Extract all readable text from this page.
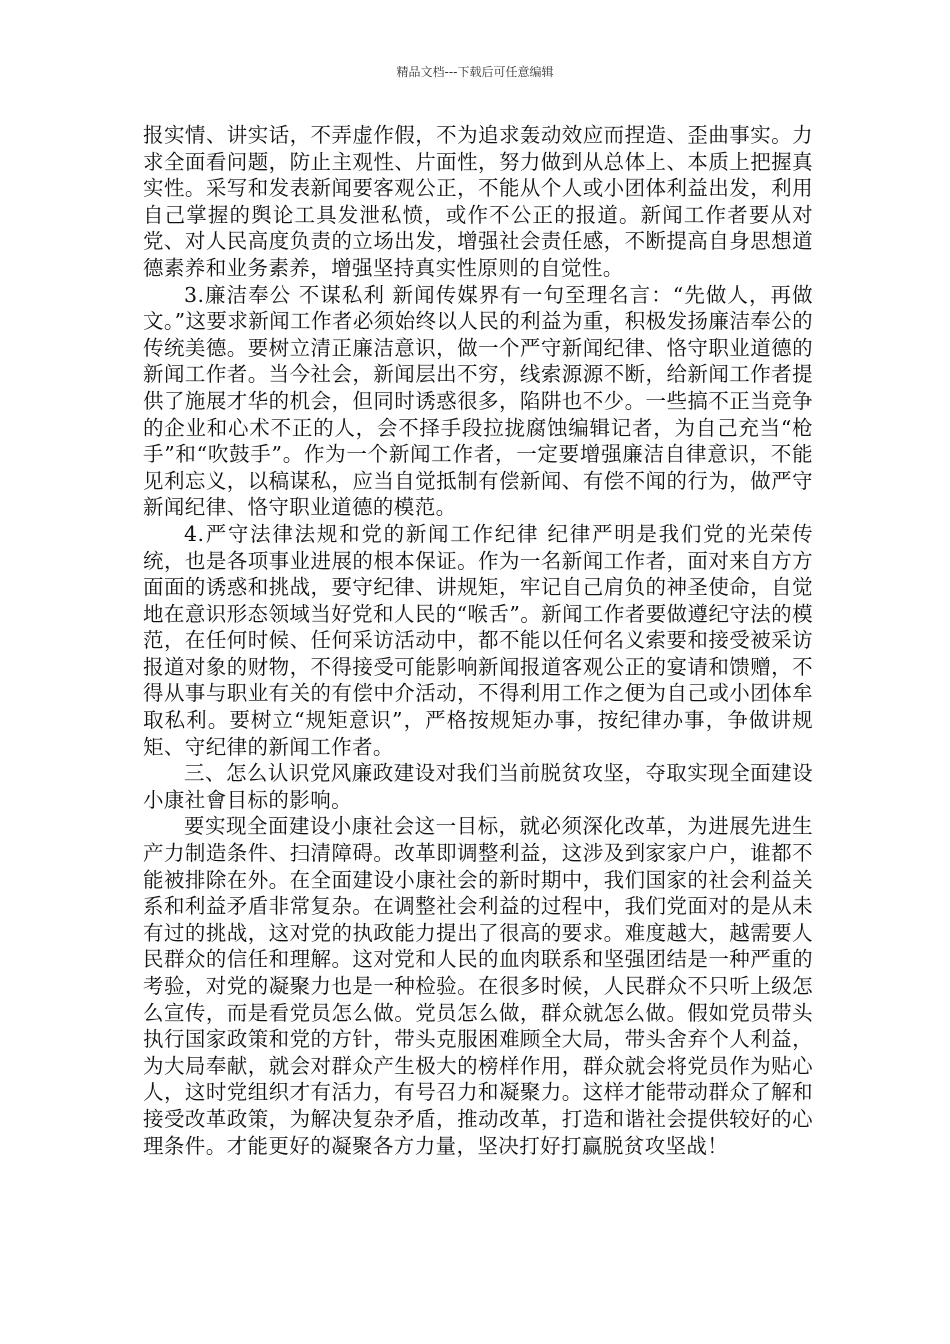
精品文档---下载后可任意编辑

报实情、讲实话，不弄虚作假，不为追求轰动效应而捏造、歪曲事实。力求全面看问题，防止主观性、片面性，努力做到从总体上、本质上把握真实性。采写和发表新闻要客观公正，不能从个人或小团体利益出发，利用自己掌握的舆论工具发泄私愤，或作不公正的报道。新闻工作者要从对党、对人民高度负责的立场出发，增强社会责任感，不断提高自身思想道德素养和业务素养，增强坚持真实性原则的自觉性。

3.廉洁奉公 不谋私利 新闻传媒界有一句至理名言：“先做人，再做文。”这要求新闻工作者必须始终以人民的利益为重，积极发扬廉洁奉公的传统美德。要树立清正廉洁意识，做一个严守新闻纪律、恪守职业道德的新闻工作者。当今社会，新闻层出不穷，线索源源不断，给新闻工作者提供了施展才华的机会，但同时诱惑很多，陷阱也不少。一些搞不正当竞争的企业和心术不正的人，会不择手段拉拢腐蚀编辑记者，为自己充当“枪手”和“吹鼓手”。作为一个新闻工作者，一定要增强廉洁自律意识，不能见利忘义，以稿谋私，应当自觉抵制有偿新闻、有偿不闻的行为，做严守新闻纪律、恪守职业道德的模范。

4.严守法律法规和党的新闻工作纪律 纪律严明是我们党的光荣传统，也是各项事业进展的根本保证。作为一名新闻工作者，面对来自方方面面的诱惑和挑战，要守纪律、讲规矩，牢记自己肩负的神圣使命，自觉地在意识形态领域当好党和人民的“喉舌”。新闻工作者要做遵纪守法的模范，在任何时候、任何采访活动中，都不能以任何名义索要和接受被采访报道对象的财物，不得接受可能影响新闻报道客观公正的宴请和馈赠，不得从事与职业有关的有偿中介活动，不得利用工作之便为自己或小团体牟取私利。要树立“规矩意识”，严格按规矩办事，按纪律办事，争做讲规矩、守纪律的新闻工作者。

三、怎么认识党风廉政建设对我们当前脱贫攻坚，夺取实现全面建设小康社會目标的影响。

要实现全面建设小康社会这一目标，就必须深化改革，为进展先进生产力制造条件、扫清障碍。改革即调整利益，这涉及到家家户户，谁都不能被排除在外。在全面建设小康社会的新时期中，我们国家的社会利益关系和利益矛盾非常复杂。在调整社会利益的过程中，我们党面对的是从未有过的挑战，这对党的执政能力提出了很高的要求。难度越大，越需要人民群众的信任和理解。这对党和人民的血肉联系和坚强团结是一种严重的考验，对党的凝聚力也是一种检验。在很多时候，人民群众不只听上级怎么宣传，而是看党员怎么做。党员怎么做，群众就怎么做。假如党员带头执行国家政策和党的方针，带头克服困难顾全大局，带头舍弃个人利益，为大局奉献，就会对群众产生极大的榜样作用，群众就会将党员作为贴心人，这时党组织才有活力，有号召力和凝聚力。这样才能带动群众了解和接受改革政策，为解决复杂矛盾，推动改革，打造和谐社会提供较好的心理条件。才能更好的凝聚各方力量，坚决打好打赢脱贫攻坚战！
